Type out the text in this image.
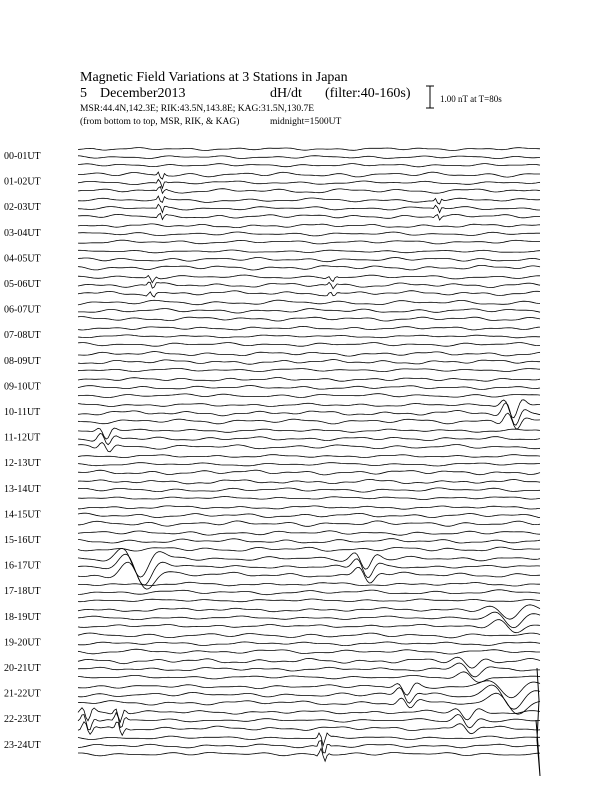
Magnetic Field Variations at 3 Stations in Japan
5 December2013	dH/dt (filter:40-160s)
MSR:44.4N,142.3E; RIK:43.5N,143.8E; KAG:31.5N,130.7E
(from bottom to top, MSR, RIK, & KAG)	midnight=1500UT
1.00 nT at T=80s
00-01UT
01-02UT
02-03UT
03-04UT
04-05UT
05-06UT
06-07UT
07-08UT
08-09UT
09-10UT
10-11UT
11-12UT
12-13UT
13-14UT
14-15UT
15-16UT
16-17UT
17-18UT
18-19UT
19-20UT
20-21UT
21-22UT
22-23UT
23-24UT
